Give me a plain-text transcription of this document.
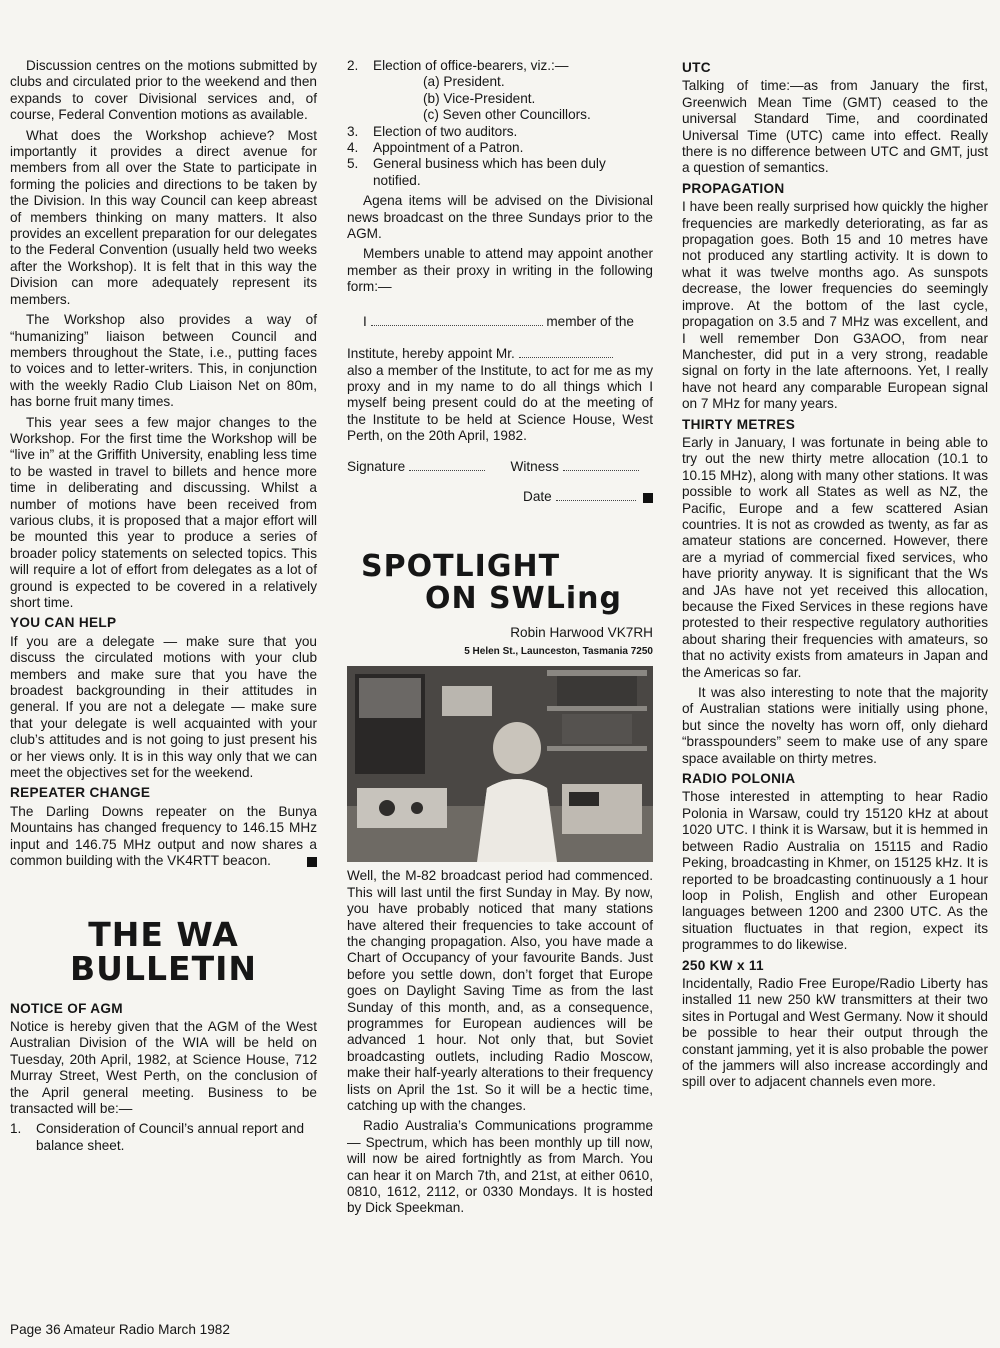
Discussion centres on the motions submitted by clubs and circulated prior to the weekend and then expands to cover Divisional services and, of course, Federal Convention motions as available.

What does the Workshop achieve? Most importantly it provides a direct avenue for members from all over the State to participate in forming the policies and directions to be taken by the Division. In this way Council can keep abreast of members thinking on many matters. It also provides an excellent preparation for our delegates to the Federal Convention (usually held two weeks after the Workshop). It is felt that in this way the Division can more adequately represent its members.

The Workshop also provides a way of “humanizing” liaison between Council and members throughout the State, i.e., putting faces to voices and to letter-writers. This, in conjunction with the weekly Radio Club Liaison Net on 80m, has borne fruit many times.

This year sees a few major changes to the Workshop. For the first time the Workshop will be “live in” at the Griffith University, enabling less time to be wasted in travel to billets and hence more time in deliberating and discussing. Whilst a number of motions have been received from various clubs, it is proposed that a major effort will be mounted this year to produce a series of broader policy statements on selected topics. This will require a lot of effort from delegates as a lot of ground is expected to be covered in a relatively short time.

YOU CAN HELP

If you are a delegate — make sure that you discuss the circulated motions with your club members and make sure that you have the broadest backgrounding in their attitudes in general. If you are not a delegate — make sure that your delegate is well acquainted with your club’s attitudes and is not going to just present his or her views only. It is in this way only that we can meet the objectives set for the weekend.

REPEATER CHANGE

The Darling Downs repeater on the Bunya Mountains has changed frequency to 146.15 MHz input and 146.75 MHz output and now shares a common building with the VK4RTT beacon.

THE WA
BULLETIN
NOTICE OF AGM

Notice is hereby given that the AGM of the West Australian Division of the WIA will be held on Tuesday, 20th April, 1982, at Science House, 712 Murray Street, West Perth, on the conclusion of the April general meeting. Business to be transacted will be:—

1. Consideration of Council’s annual report and balance sheet.
2. Election of office-bearers, viz.:—
(a) President.
(b) Vice-President.
(c) Seven other Councillors.
3. Election of two auditors.
4. Appointment of a Patron.
5. General business which has been duly notified.

Agena items will be advised on the Divisional news broadcast on the three Sundays prior to the AGM.

Members unable to attend may appoint another member as their proxy in writing in the following form:—

I	member of the

Institute, hereby appoint Mr.

also a member of the Institute, to act for me as my proxy and in my name to do all things which I myself being present could do at the meeting of the Institute to be held at Science House, West Perth, on the 20th April, 1982.

Signature	Witness
Date
SPOTLIGHT
ON SWLing
Robin Harwood VK7RH
5 Helen St., Launceston, Tasmania 7250

Well, the M-82 broadcast period had commenced. This will last until the first Sunday in May. By now, you have probably noticed that many stations have altered their frequencies to take account of the changing propagation. Also, you have made a Chart of Occupancy of your favourite Bands. Just before you settle down, don’t forget that Europe goes on Daylight Saving Time as from the last Sunday of this month, and, as a consequence, programmes for European audiences will be advanced 1 hour. Not only that, but Soviet broadcasting outlets, including Radio Moscow, make their half-yearly alterations to their frequency lists on April the 1st. So it will be a hectic time, catching up with the changes.

Radio Australia’s Communications programme — Spectrum, which has been monthly up till now, will now be aired fortnightly as from March. You can hear it on March 7th, and 21st, at either 0610, 0810, 1612, 2112, or 0330 Mondays. It is hosted by Dick Speekman.

UTC

Talking of time:—as from January the first, Greenwich Mean Time (GMT) ceased to the universal Standard Time, and coordinated Universal Time (UTC) came into effect. Really there is no difference between UTC and GMT, just a question of semantics.

PROPAGATION

I have been really surprised how quickly the higher frequencies are markedly deteriorating, as far as propagation goes. Both 15 and 10 metres have not produced any startling activity. It is down to what it was twelve months ago. As sunspots decrease, the lower frequencies do seemingly improve. At the bottom of the last cycle, propagation on 3.5 and 7 MHz was excellent, and I well remember Don G3AOO, from near Manchester, did put in a very strong, readable signal on forty in the late afternoons. Yet, I really have not heard any comparable European signal on 7 MHz for many years.

THIRTY METRES

Early in January, I was fortunate in being able to try out the new thirty metre allocation (10.1 to 10.15 MHz), along with many other stations. It was possible to work all States as well as NZ, the Pacific, Europe and a few scattered Asian countries. It is not as crowded as twenty, as far as amateur stations are concerned. However, there are a myriad of commercial fixed services, who have priority anyway. It is significant that the Ws and JAs have not yet received this allocation, because the Fixed Services in these regions have protested to their respective regulatory authorities about sharing their frequencies with amateurs, so that no activity exists from amateurs in Japan and the Americas so far.

It was also interesting to note that the majority of Australian stations were initially using phone, but since the novelty has worn off, only diehard “brasspounders” seem to make use of any spare space available on thirty metres.

RADIO POLONIA

Those interested in attempting to hear Radio Polonia in Warsaw, could try 15120 kHz at about 1020 UTC. I think it is Warsaw, but it is hemmed in between Radio Australia on 15115 and Radio Peking, broadcasting in Khmer, on 15125 kHz. It is reported to be broadcasting continuously a 1 hour loop in Polish, English and other European languages between 1200 and 2300 UTC. As the situation fluctuates in that region, expect its programmes to do likewise.

250 KW x 11

Incidentally, Radio Free Europe/Radio Liberty has installed 11 new 250 kW transmitters at their two sites in Portugal and West Germany. Now it should be possible to hear their output through the constant jamming, yet it is also probable the power of the jammers will also increase accordingly and spill over to adjacent channels even more.

Page 36 Amateur Radio March 1982
